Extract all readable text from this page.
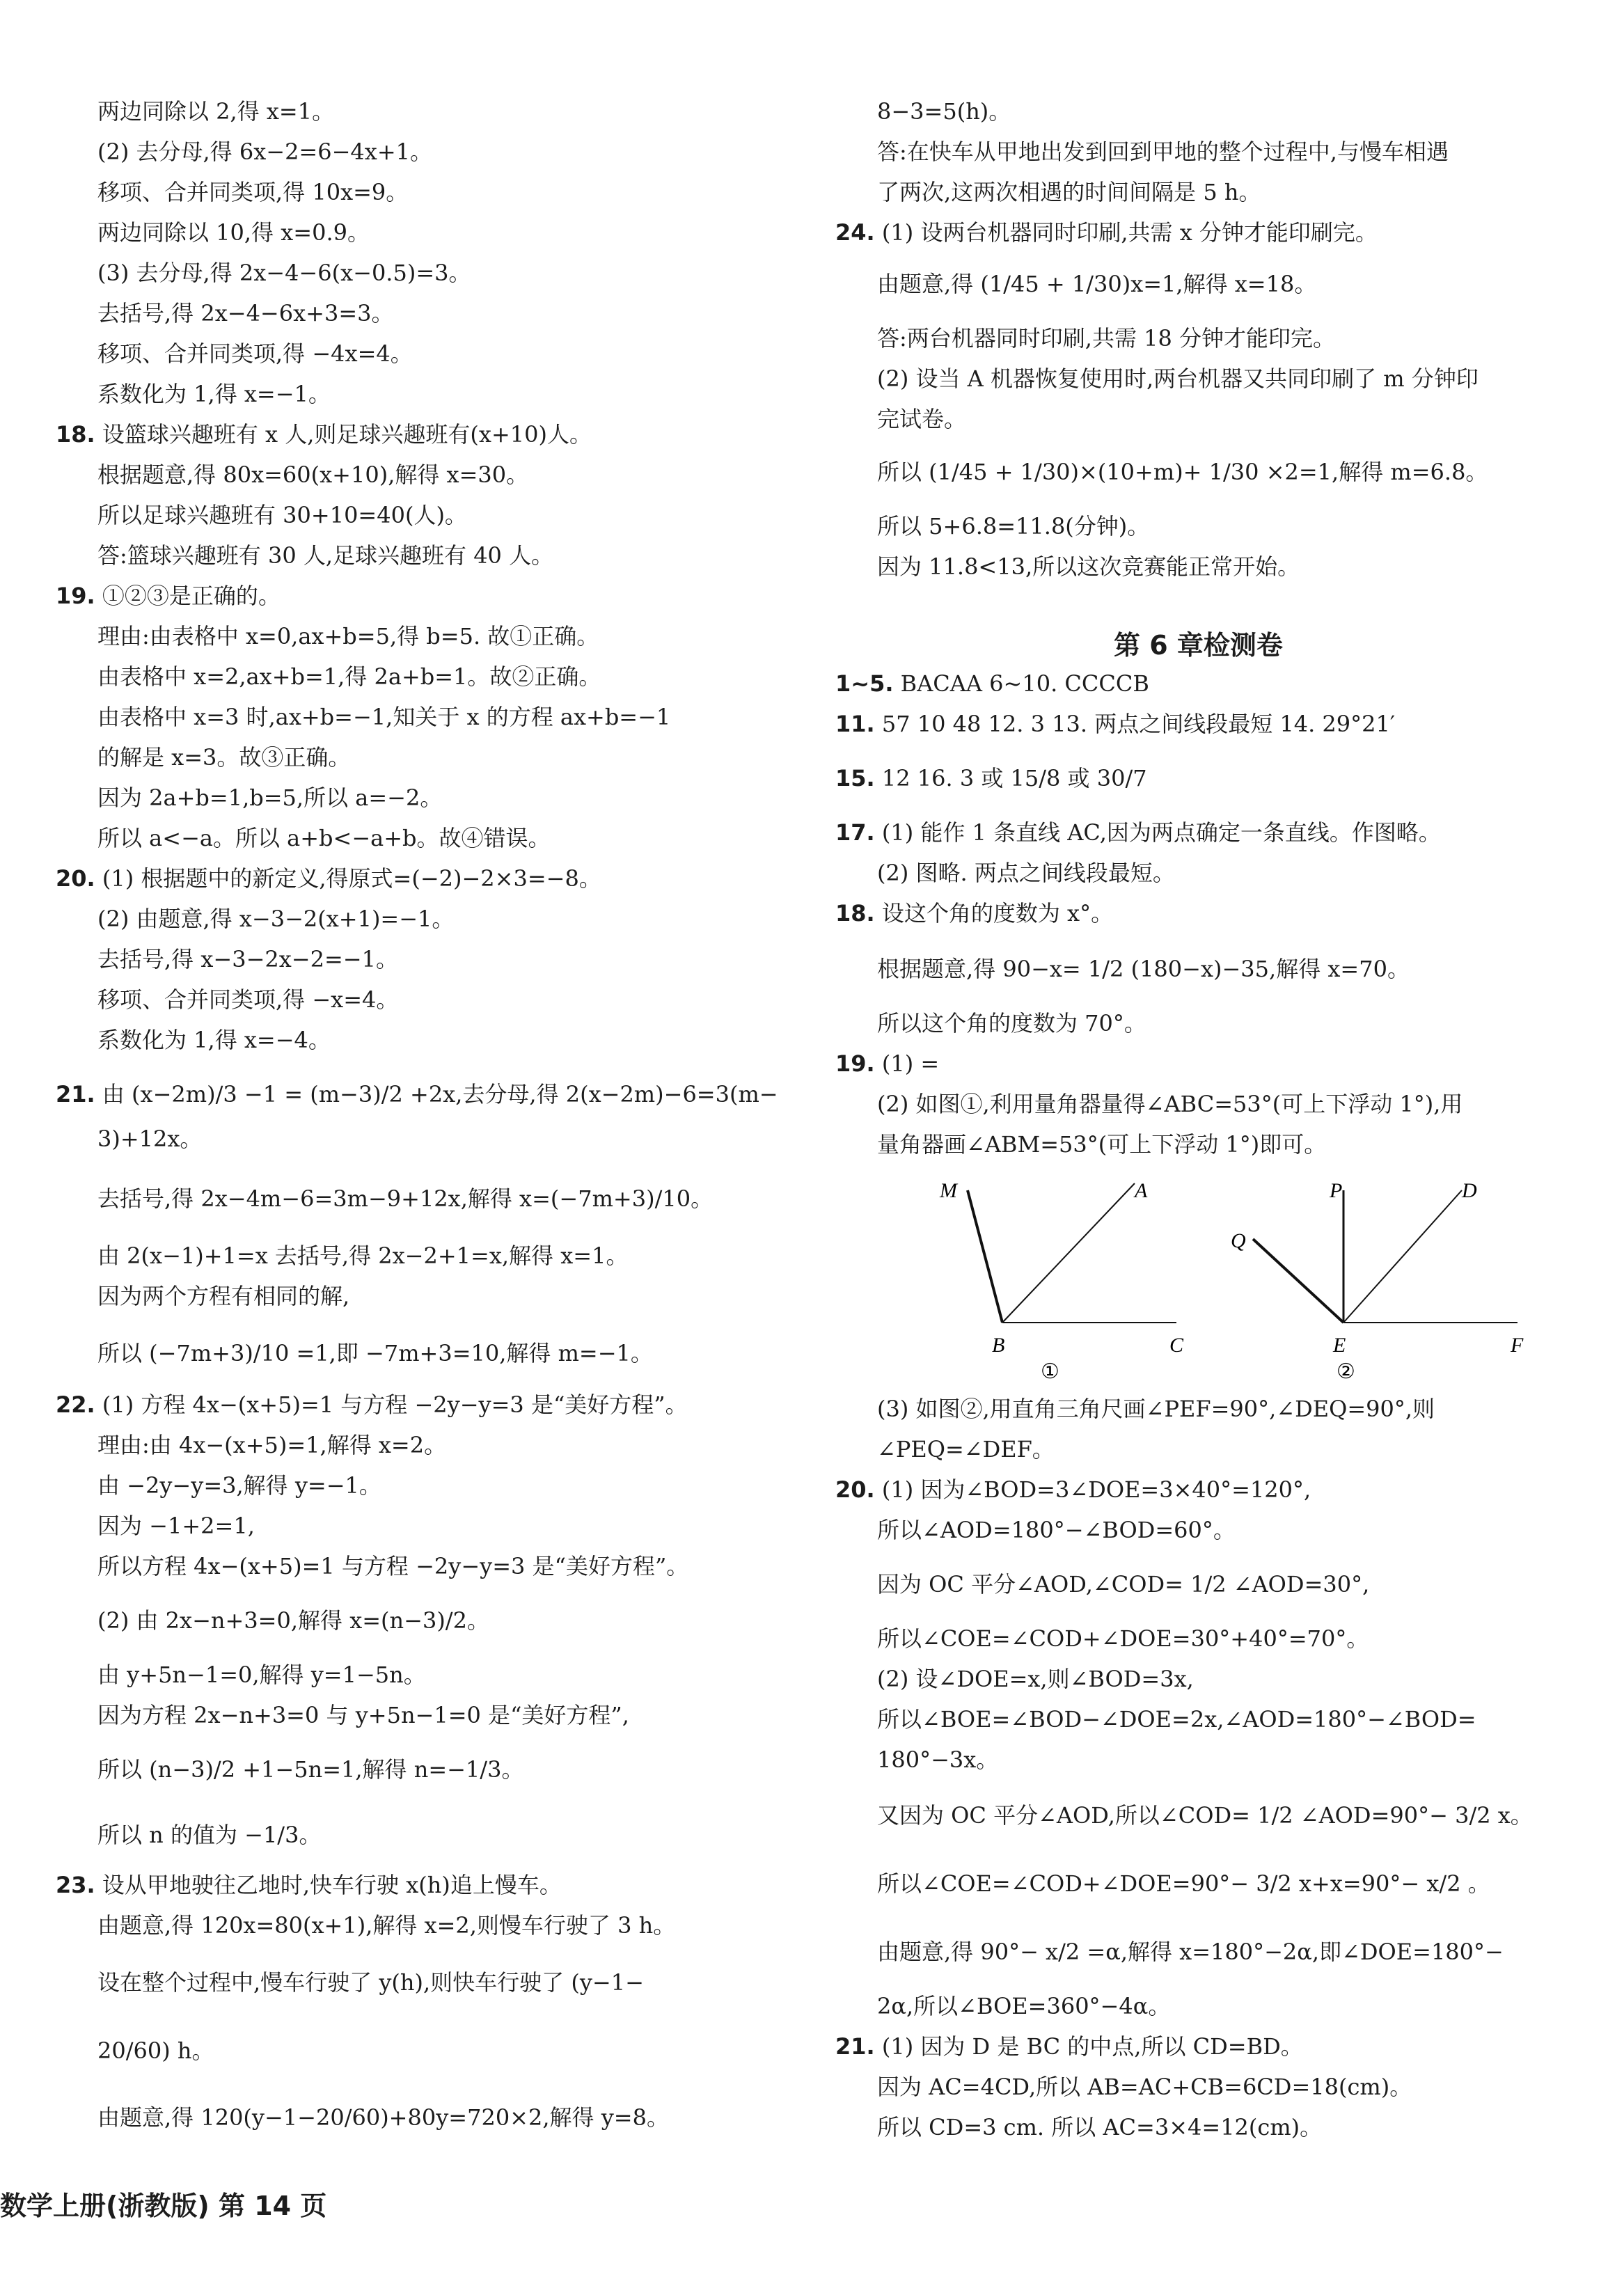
两边同除以 2,得 x=1。
(2) 去分母,得 6x−2=6−4x+1。
移项、合并同类项,得 10x=9。
两边同除以 10,得 x=0.9。
(3) 去分母,得 2x−4−6(x−0.5)=3。
去括号,得 2x−4−6x+3=3。
移项、合并同类项,得 −4x=4。
系数化为 1,得 x=−1。
18. 设篮球兴趣班有 x 人,则足球兴趣班有(x+10)人。
根据题意,得 80x=60(x+10),解得 x=30。
所以足球兴趣班有 30+10=40(人)。
答:篮球兴趣班有 30 人,足球兴趣班有 40 人。
19. ①②③是正确的。
理由:由表格中 x=0,ax+b=5,得 b=5. 故①正确。
由表格中 x=2,ax+b=1,得 2a+b=1。故②正确。
由表格中 x=3 时,ax+b=−1,知关于 x 的方程 ax+b=−1
的解是 x=3。故③正确。
因为 2a+b=1,b=5,所以 a=−2。
所以 a<−a。所以 a+b<−a+b。故④错误。
20. (1) 根据题中的新定义,得原式=(−2)−2×3=−8。
(2) 由题意,得 x−3−2(x+1)=−1。
去括号,得 x−3−2x−2=−1。
移项、合并同类项,得 −x=4。
系数化为 1,得 x=−4。
21. 由 (x−2m)/3 −1 = (m−3)/2 +2x,去分母,得 2(x−2m)−6=3(m−
3)+12x。
去括号,得 2x−4m−6=3m−9+12x,解得 x=(−7m+3)/10。
由 2(x−1)+1=x 去括号,得 2x−2+1=x,解得 x=1。
因为两个方程有相同的解,
所以 (−7m+3)/10 =1,即 −7m+3=10,解得 m=−1。
22. (1) 方程 4x−(x+5)=1 与方程 −2y−y=3 是“美好方程”。
理由:由 4x−(x+5)=1,解得 x=2。
由 −2y−y=3,解得 y=−1。
因为 −1+2=1,
所以方程 4x−(x+5)=1 与方程 −2y−y=3 是“美好方程”。
(2) 由 2x−n+3=0,解得 x=(n−3)/2。
由 y+5n−1=0,解得 y=1−5n。
因为方程 2x−n+3=0 与 y+5n−1=0 是“美好方程”,
所以 (n−3)/2 +1−5n=1,解得 n=−1/3。
所以 n 的值为 −1/3。
23. 设从甲地驶往乙地时,快车行驶 x(h)追上慢车。
由题意,得 120x=80(x+1),解得 x=2,则慢车行驶了 3 h。
设在整个过程中,慢车行驶了 y(h),则快车行驶了 (y−1−
20/60) h。
由题意,得 120(y−1−20/60)+80y=720×2,解得 y=8。
第 6 章检测卷
M	A
B	C
①
P	D
Q
E	F
②
8−3=5(h)。
答:在快车从甲地出发到回到甲地的整个过程中,与慢车相遇
了两次,这两次相遇的时间间隔是 5 h。
24. (1) 设两台机器同时印刷,共需 x 分钟才能印刷完。
由题意,得 (1/45 + 1/30)x=1,解得 x=18。
答:两台机器同时印刷,共需 18 分钟才能印完。
(2) 设当 A 机器恢复使用时,两台机器又共同印刷了 m 分钟印
完试卷。
所以 (1/45 + 1/30)×(10+m)+ 1/30 ×2=1,解得 m=6.8。
所以 5+6.8=11.8(分钟)。
因为 11.8<13,所以这次竞赛能正常开始。
1~5. BACAA 6~10. CCCCB
11. 57 10 48 12. 3 13. 两点之间线段最短 14. 29°21′
15. 12 16. 3 或 15/8 或 30/7
17. (1) 能作 1 条直线 AC,因为两点确定一条直线。作图略。
(2) 图略. 两点之间线段最短。
18. 设这个角的度数为 x°。
根据题意,得 90−x= 1/2 (180−x)−35,解得 x=70。
所以这个角的度数为 70°。
19. (1) =
(2) 如图①,利用量角器量得∠ABC=53°(可上下浮动 1°),用
量角器画∠ABM=53°(可上下浮动 1°)即可。
(3) 如图②,用直角三角尺画∠PEF=90°,∠DEQ=90°,则
∠PEQ=∠DEF。
20. (1) 因为∠BOD=3∠DOE=3×40°=120°,
所以∠AOD=180°−∠BOD=60°。
因为 OC 平分∠AOD,∠COD= 1/2 ∠AOD=30°,
所以∠COE=∠COD+∠DOE=30°+40°=70°。
(2) 设∠DOE=x,则∠BOD=3x,
所以∠BOE=∠BOD−∠DOE=2x,∠AOD=180°−∠BOD=
180°−3x。
又因为 OC 平分∠AOD,所以∠COD= 1/2 ∠AOD=90°− 3/2 x。
所以∠COE=∠COD+∠DOE=90°− 3/2 x+x=90°− x/2 。
由题意,得 90°− x/2 =α,解得 x=180°−2α,即∠DOE=180°−
2α,所以∠BOE=360°−4α。
21. (1) 因为 D 是 BC 的中点,所以 CD=BD。
因为 AC=4CD,所以 AB=AC+CB=6CD=18(cm)。
所以 CD=3 cm. 所以 AC=3×4=12(cm)。
数学上册(浙教版) 第 14 页
